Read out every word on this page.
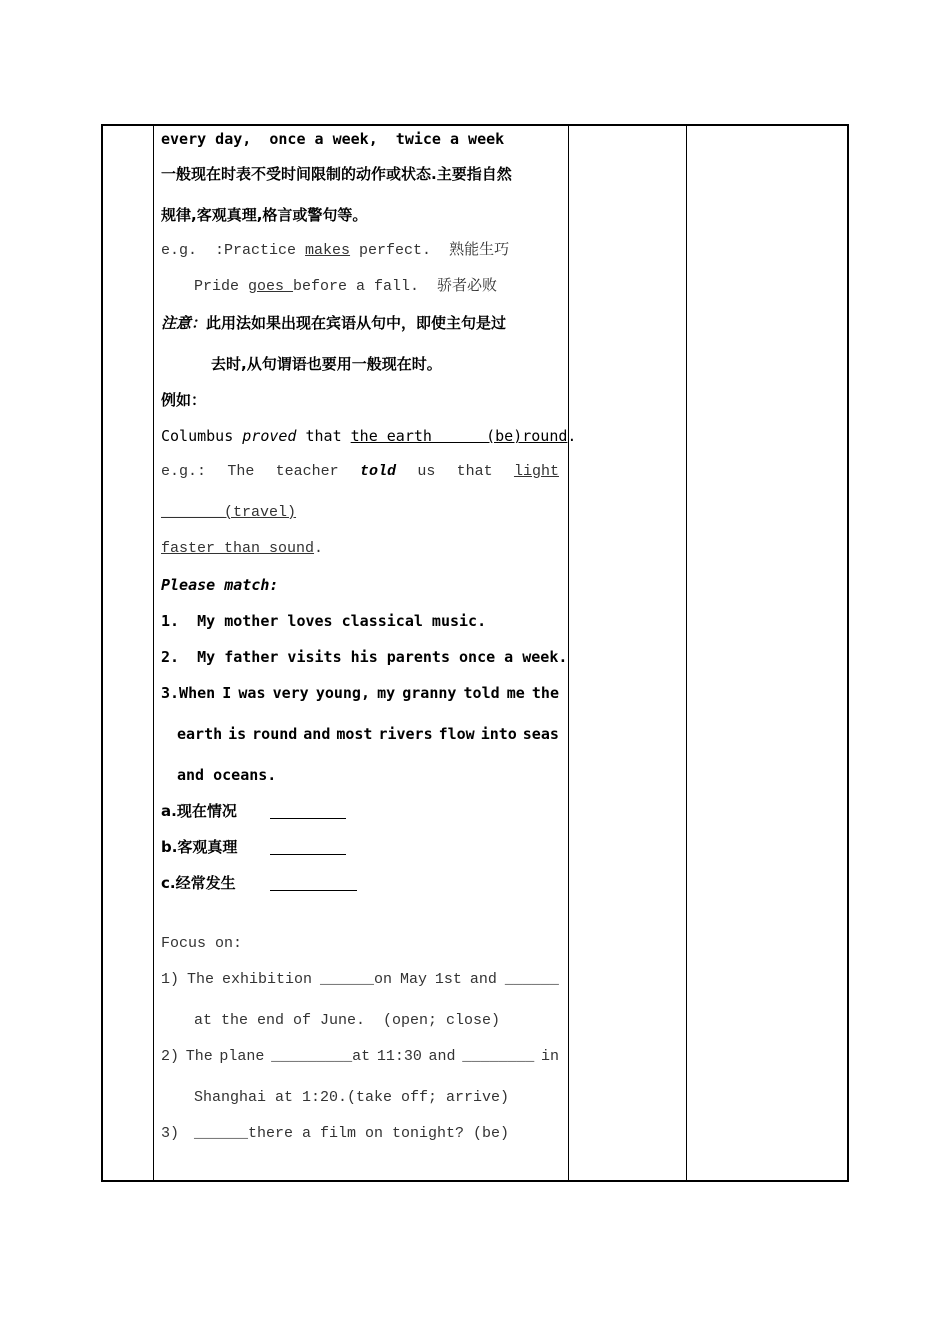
every day,  once a week,  twice a week
一般现在时表不受时间限制的动作或状态.主要指自然
规律,客观真理,格言或警句等。
e.g.  :Practice makes perfect.  熟能生巧
Pride goes before a fall.  骄者必败
注意：此用法如果出现在宾语从句中，即使主句是过
去时,从句谓语也要用一般现在时。
例如：
Columbus proved that the earth      (be)round.
e.g.: The teacher told us that light
_______(travel)
faster than sound.
Please match:
1.  My mother loves classical music.
2.  My father visits his parents once a week.
3.When I was very young, my granny told me the
earth is round and most rivers flow into seas
and oceans.
a.现在情况
b.客观真理
c.经常发生
Focus on:
1) The exhibition ______on May 1st and ______
at the end of June.  (open; close)
2) The plane _________at 11:30 and ________ in
Shanghai at 1:20.(take off; arrive)
3) ______there a film on tonight? (be)
